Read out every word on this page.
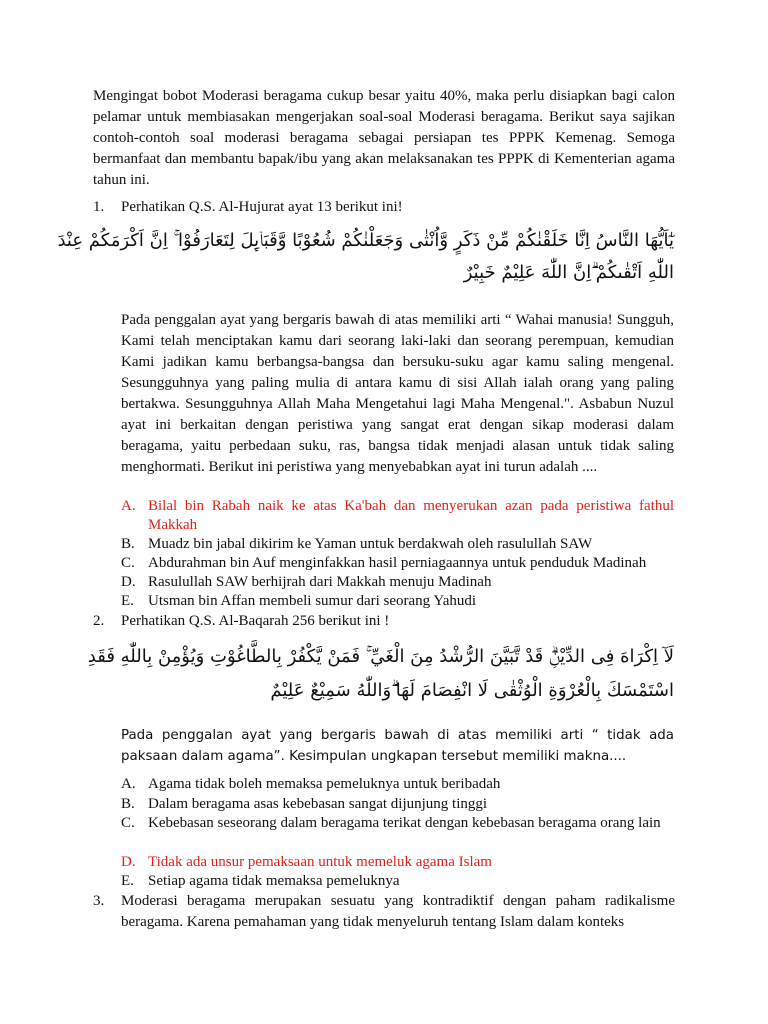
Mengingat bobot Moderasi beragama cukup besar yaitu 40%, maka perlu disiapkan bagi calon pelamar untuk membiasakan mengerjakan soal-soal Moderasi beragama. Berikut saya sajikan contoh-contoh soal moderasi beragama sebagai persiapan tes PPPK Kemenag. Semoga bermanfaat dan membantu bapak/ibu yang akan melaksanakan tes PPPK di Kementerian agama tahun ini.
1. Perhatikan Q.S. Al-Hujurat ayat 13 berikut ini!
يٰٓاَيُّهَا النَّاسُ اِنَّا خَلَقْنٰكُمْ مِّنْ ذَكَرٍ وَّاُنْثٰى وَجَعَلْنٰكُمْ شُعُوْبًا وَّقَبَاۤىِٕلَ لِتَعَارَفُوْا ۚ اِنَّ اَكْرَمَكُمْ عِنْدَ
اللّٰهِ اَتْقٰىكُمْ ۗاِنَّ اللّٰهَ عَلِيْمٌ خَبِيْرٌ
Pada penggalan ayat yang bergaris bawah di atas memiliki arti “ Wahai manusia! Sungguh, Kami telah menciptakan kamu dari seorang laki-laki dan seorang perempuan, kemudian Kami jadikan kamu berbangsa-bangsa dan bersuku-suku agar kamu saling mengenal. Sesungguhnya yang paling mulia di antara kamu di sisi Allah ialah orang yang paling bertakwa. Sesungguhnya Allah Maha Mengetahui lagi Maha Mengenal.". Asbabun Nuzul ayat ini berkaitan dengan peristiwa yang sangat erat dengan sikap moderasi dalam beragama, yaitu perbedaan suku, ras, bangsa tidak menjadi alasan untuk tidak saling menghormati. Berikut ini peristiwa yang menyebabkan ayat ini turun adalah ....
A. Bilal bin Rabah naik ke atas Ka'bah dan menyerukan azan pada peristiwa fathul Makkah
B. Muadz bin jabal dikirim ke Yaman untuk berdakwah oleh rasulullah SAW
C. Abdurahman bin Auf menginfakkan hasil perniagaannya untuk penduduk Madinah
D. Rasulullah SAW berhijrah dari Makkah menuju Madinah
E. Utsman bin Affan membeli sumur dari seorang Yahudi
2. Perhatikan Q.S. Al-Baqarah 256 berikut ini !
لَآ اِكْرَاهَ فِى الدِّيْنِۗ قَدْ تَّبَيَّنَ الرُّشْدُ مِنَ الْغَيِّ ۚ فَمَنْ يَّكْفُرْ بِالطَّاغُوْتِ وَيُؤْمِنْ بِاللّٰهِ فَقَدِ
اسْتَمْسَكَ بِالْعُرْوَةِ الْوُثْقٰى لَا انْفِصَامَ لَهَا ۗوَاللّٰهُ سَمِيْعٌ عَلِيْمٌ
Pada penggalan ayat yang bergaris bawah di atas memiliki arti “ tidak ada paksaan dalam agama”. Kesimpulan ungkapan tersebut memiliki makna....
A. Agama tidak boleh memaksa pemeluknya untuk beribadah
B. Dalam beragama asas kebebasan sangat dijunjung tinggi
C. Kebebasan seseorang dalam beragama terikat dengan kebebasan beragama orang lain
D. Tidak ada unsur pemaksaan untuk memeluk agama Islam
E. Setiap agama tidak memaksa pemeluknya
3. Moderasi beragama merupakan sesuatu yang kontradiktif dengan paham radikalisme beragama. Karena pemahaman yang tidak menyeluruh tentang Islam dalam konteks
